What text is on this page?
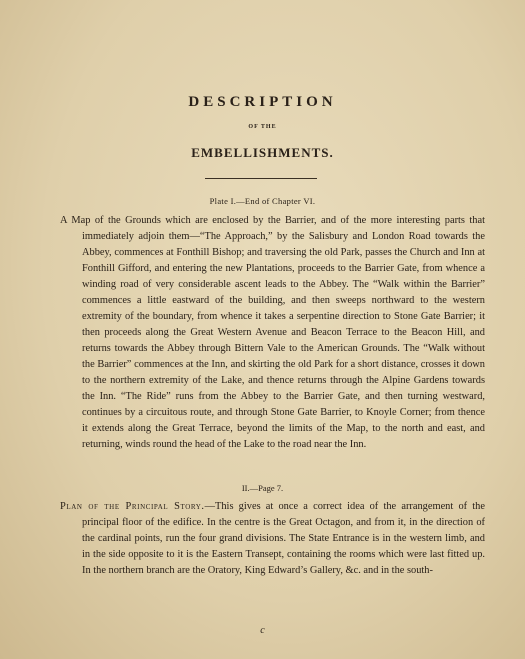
DESCRIPTION
OF THE
EMBELLISHMENTS.
Plate I.—End of Chapter VI.

A Map of the Grounds which are enclosed by the Barrier, and of the more interesting parts that immediately adjoin them—“The Approach,” by the Salisbury and London Road towards the Abbey, commences at Fonthill Bishop; and traversing the old Park, passes the Church and Inn at Fonthill Gifford, and entering the new Plantations, proceeds to the Barrier Gate, from whence a winding road of very considerable ascent leads to the Abbey. The “Walk within the Barrier” commences a little eastward of the building, and then sweeps northward to the western extremity of the boundary, from whence it takes a serpentine direction to Stone Gate Barrier; it then proceeds along the Great Western Avenue and Beacon Terrace to the Beacon Hill, and returns towards the Abbey through Bittern Vale to the American Grounds. The “Walk without the Barrier” commences at the Inn, and skirting the old Park for a short distance, crosses it down to the northern extremity of the Lake, and thence returns through the Alpine Gardens towards the Inn. “The Ride” runs from the Abbey to the Barrier Gate, and then turning westward, continues by a circuitous route, and through Stone Gate Barrier, to Knoyle Corner; from thence it extends along the Great Terrace, beyond the limits of the Map, to the north and east, and returning, winds round the head of the Lake to the road near the Inn.

II.—Page 7.

Plan of the Principal Story.—This gives at once a correct idea of the arrangement of the principal floor of the edifice. In the centre is the Great Octagon, and from it, in the direction of the cardinal points, run the four grand divisions. The State Entrance is in the western limb, and in the side opposite to it is the Eastern Transept, containing the rooms which were last fitted up. In the northern branch are the Oratory, King Edward’s Gallery, &c. and in the south-

c
